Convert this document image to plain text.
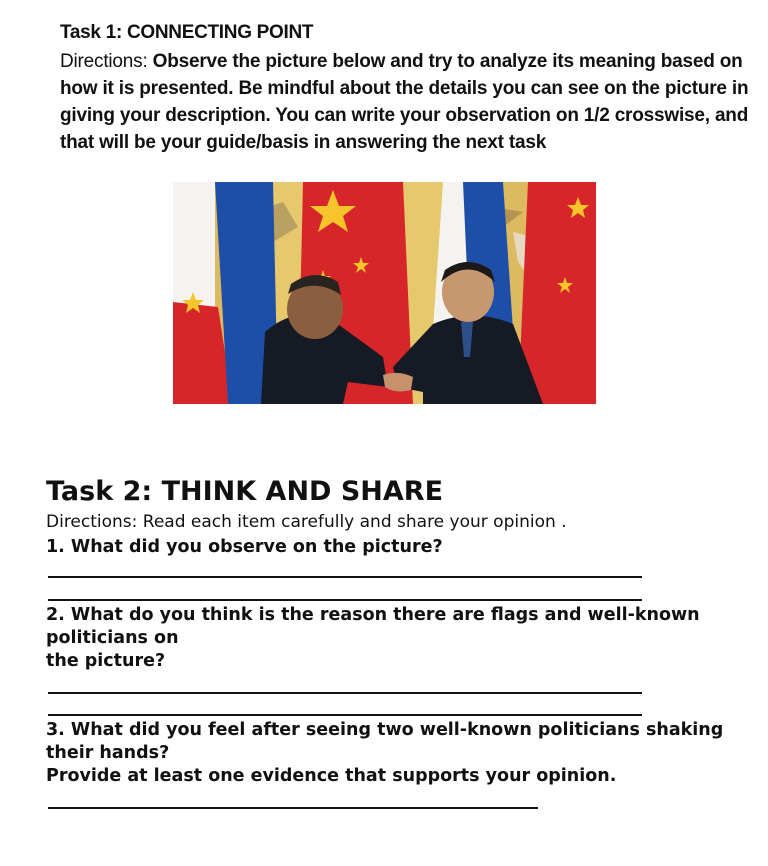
Task 1: CONNECTING POINT
Directions: Observe the picture below and try to analyze its meaning based on how it is presented. Be mindful about the details you can see on the picture in giving your description. You can write your observation on 1/2 crosswise, and that will be your guide/basis in answering the next task
Task 2: THINK AND SHARE
Directions: Read each item carefully and share your opinion .
1. What did you observe on the picture?
2. What do you think is the reason there are flags and well-known politicians on
the picture?
3. What did you feel after seeing two well-known politicians shaking their hands?
Provide at least one evidence that supports your opinion.
